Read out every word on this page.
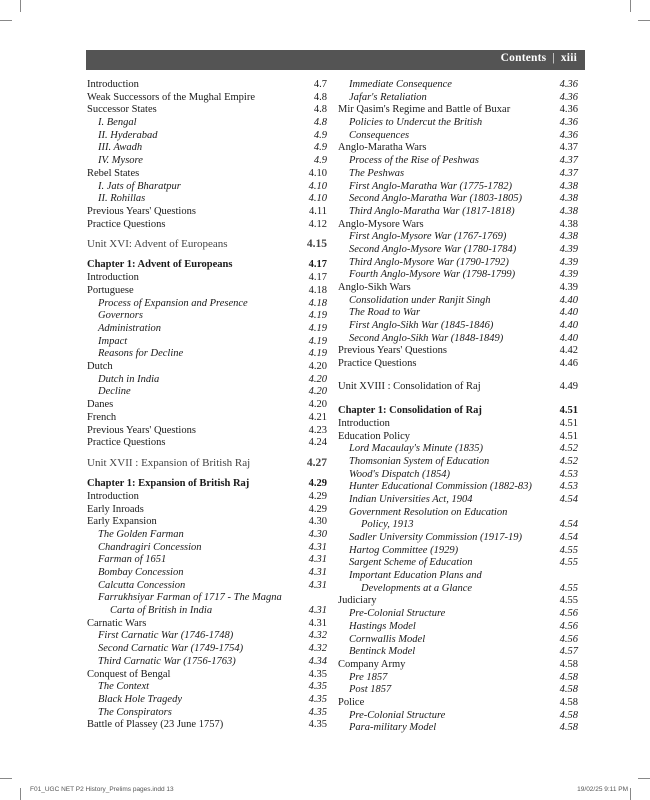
Contents | xiii
Introduction	4.7
Weak Successors of the Mughal Empire	4.8
Successor States	4.8
I. Bengal	4.8
II. Hyderabad	4.9
III. Awadh	4.9
IV. Mysore	4.9
Rebel States	4.10
I. Jats of Bharatpur	4.10
II. Rohillas	4.10
Previous Years' Questions	4.11
Practice Questions	4.12
Unit XVI: Advent of Europeans	4.15
Chapter 1: Advent of Europeans	4.17
Introduction	4.17
Portuguese	4.18
Process of Expansion and Presence	4.18
Governors	4.19
Administration	4.19
Impact	4.19
Reasons for Decline	4.19
Dutch	4.20
Dutch in India	4.20
Decline	4.20
Danes	4.20
French	4.21
Previous Years' Questions	4.23
Practice Questions	4.24
Unit XVII : Expansion of British Raj	4.27
Chapter 1: Expansion of British Raj	4.29
Introduction	4.29
Early Inroads	4.29
Early Expansion	4.30
The Golden Farman	4.30
Chandragiri Concession	4.31
Farman of 1651	4.31
Bombay Concession	4.31
Calcutta Concession	4.31
Farrukhsiyar Farman of 1717 - The Magna
Carta of British in India	4.31
Carnatic Wars	4.31
First Carnatic War (1746-1748)	4.32
Second Carnatic War (1749-1754)	4.32
Third Carnatic War (1756-1763)	4.34
Conquest of Bengal	4.35
The Context	4.35
Black Hole Tragedy	4.35
The Conspirators	4.35
Battle of Plassey (23 June 1757)	4.35
Immediate Consequence	4.36
Jafar's Retaliation	4.36
Mir Qasim's Regime and Battle of Buxar	4.36
Policies to Undercut the British	4.36
Consequences	4.36
Anglo-Maratha Wars	4.37
Process of the Rise of Peshwas	4.37
The Peshwas	4.37
First Anglo-Maratha War (1775-1782)	4.38
Second Anglo-Maratha War (1803-1805)	4.38
Third Anglo-Maratha War (1817-1818)	4.38
Anglo-Mysore Wars	4.38
First Anglo-Mysore War (1767-1769)	4.38
Second Anglo-Mysore War (1780-1784)	4.39
Third Anglo-Mysore War (1790-1792)	4.39
Fourth Anglo-Mysore War (1798-1799)	4.39
Anglo-Sikh Wars	4.39
Consolidation under Ranjit Singh	4.40
The Road to War	4.40
First Anglo-Sikh War (1845-1846)	4.40
Second Anglo-Sikh War (1848-1849)	4.40
Previous Years' Questions	4.42
Practice Questions	4.46
Unit XVIII : Consolidation of Raj	4.49
Chapter 1: Consolidation of Raj	4.51
Introduction	4.51
Education Policy	4.51
Lord Macaulay's Minute (1835)	4.52
Thomsonian System of Education	4.52
Wood's Dispatch (1854)	4.53
Hunter Educational Commission (1882-83)	4.53
Indian Universities Act, 1904	4.54
Government Resolution on Education
Policy, 1913	4.54
Sadler University Commission (1917-19)	4.54
Hartog Committee (1929)	4.55
Sargent Scheme of Education	4.55
Important Education Plans and
Developments at a Glance	4.55
Judiciary	4.55
Pre-Colonial Structure	4.56
Hastings Model	4.56
Cornwallis Model	4.56
Bentinck Model	4.57
Company Army	4.58
Pre 1857	4.58
Post 1857	4.58
Police	4.58
Pre-Colonial Structure	4.58
Para-military Model	4.58
F01_UGC NET P2 History_Prelims pages.indd 13	19/02/25 9:11 PM
